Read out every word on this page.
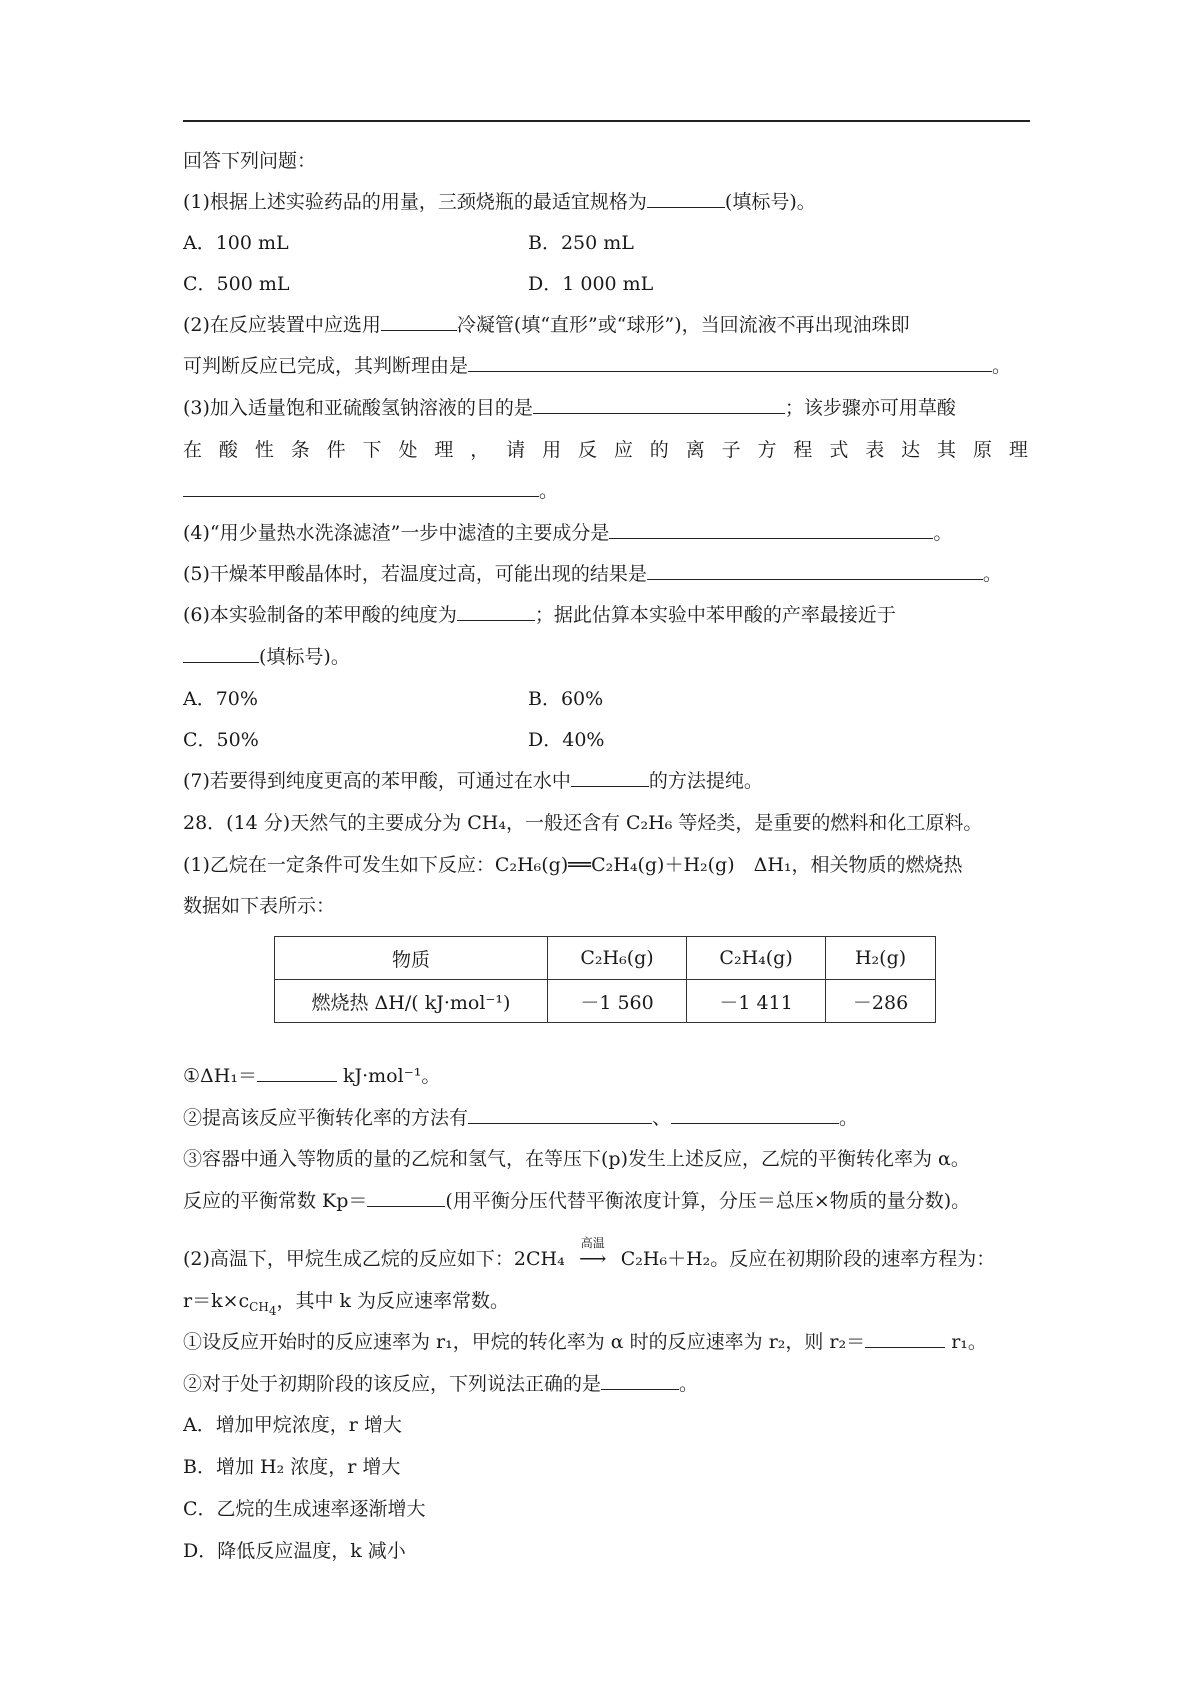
回答下列问题：
(1)根据上述实验药品的用量，三颈烧瓶的最适宜规格为	(填标号)。
A．100 mL	B．250 mL
C．500 mL	D．1 000 mL
(2)在反应装置中应选用	冷凝管(填“直形”或“球形”)，当回流液不再出现油珠即
可判断反应已完成，其判断理由是	。
(3)加入适量饱和亚硫酸氢钠溶液的目的是	；该步骤亦可用草酸
在 酸 性 条 件 下 处 理 ， 请 用 反 应 的 离 子 方 程 式 表 达 其 原 理
。
(4)“用少量热水洗涤滤渣”一步中滤渣的主要成分是	。
(5)干燥苯甲酸晶体时，若温度过高，可能出现的结果是	。
(6)本实验制备的苯甲酸的纯度为	；据此估算本实验中苯甲酸的产率最接近于
(填标号)。
A．70%	B．60%
C．50%	D．40%
(7)若要得到纯度更高的苯甲酸，可通过在水中	的方法提纯。
28．(14 分)天然气的主要成分为 CH₄，一般还含有 C₂H₆ 等烃类，是重要的燃料和化工原料。
(1)乙烷在一定条件可发生如下反应：C₂H₆(g)══C₂H₄(g)＋H₂(g)　ΔH₁，相关物质的燃烧热
数据如下表所示：
物质	C₂H₆(g)	C₂H₄(g)	H₂(g)
燃烧热 ΔH/( kJ·mol⁻¹)	－1 560	－1 411	－286
①ΔH₁＝	kJ·mol⁻¹。
②提高该反应平衡转化率的方法有	、	。
③容器中通入等物质的量的乙烷和氢气，在等压下(p)发生上述反应，乙烷的平衡转化率为 α。
反应的平衡常数 Kp＝	(用平衡分压代替平衡浓度计算，分压＝总压×物质的量分数)。
(2)高温下，甲烷生成乙烷的反应如下：2CH₄
高温
⟶ C₂H₆＋H₂。反应在初期阶段的速率方程为：
$r=k\times c_{CH_4}$，其中 k 为反应速率常数。
①设反应开始时的反应速率为 r₁，甲烷的转化率为 α 时的反应速率为 r₂，则 r₂＝	r₁。
②对于处于初期阶段的该反应，下列说法正确的是	。
A．增加甲烷浓度，r 增大
B．增加 H₂ 浓度，r 增大
C．乙烷的生成速率逐渐增大
D．降低反应温度，k 减小
